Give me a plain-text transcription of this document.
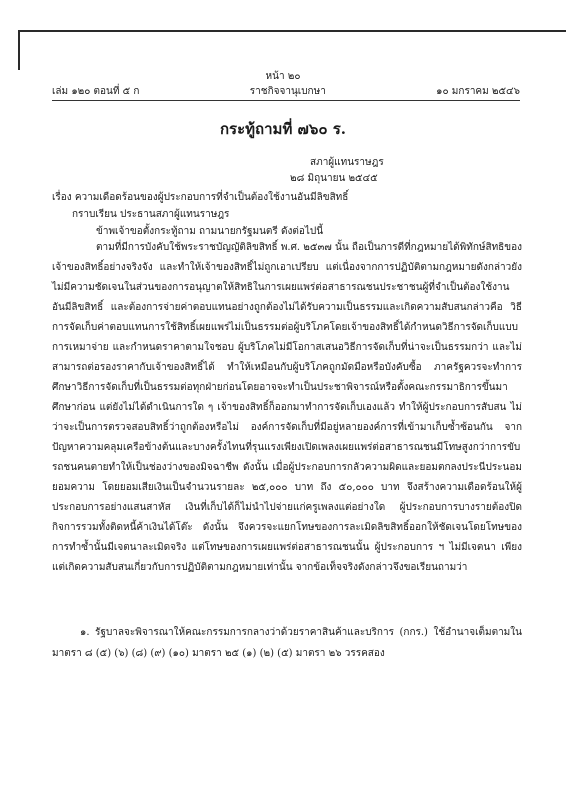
หน้า ๒๐
เล่ม ๑๒๐ ตอนที่ ๕ ก	ราชกิจจานุเบกษา	๑๐ มกราคม ๒๕๔๖
กระทู้ถามที่ ๗๖๐ ร.
สภาผู้แทนราษฎร
๒๘ มิถุนายน ๒๕๔๕
เรื่อง ความเดือดร้อนของผู้ประกอบการที่จำเป็นต้องใช้งานอันมีลิขสิทธิ์
กราบเรียน ประธานสภาผู้แทนราษฎร
ข้าพเจ้าขอตั้งกระทู้ถาม ถามนายกรัฐมนตรี ดังต่อไปนี้

ตามที่มีการบังคับใช้พระราชบัญญัติลิขสิทธิ์ พ.ศ. ๒๕๓๗ นั้น ถือเป็นการดีที่กฎหมายได้พิทักษ์สิทธิของเจ้าของสิทธิ์อย่างจริงจัง และทำให้เจ้าของสิทธิ์ไม่ถูกเอาเปรียบ แต่เนื่องจากการปฏิบัติตามกฎหมายดังกล่าวยังไม่มีความชัดเจนในส่วนของการอนุญาตให้สิทธิในการเผยแพร่ต่อสาธารณชนประชาชนผู้ที่จำเป็นต้องใช้งานอันมีลิขสิทธิ์ และต้องการจ่ายค่าตอบแทนอย่างถูกต้องไม่ได้รับความเป็นธรรมและเกิดความสับสนกล่าวคือ วิธีการจัดเก็บค่าตอบแทนการใช้สิทธิ์เผยแพร่ไม่เป็นธรรมต่อผู้บริโภคโดยเจ้าของสิทธิ์ได้กำหนดวิธีการจัดเก็บแบบการเหมาจ่าย และกำหนดราคาตามใจชอบ ผู้บริโภคไม่มีโอกาสเสนอวิธีการจัดเก็บที่น่าจะเป็นธรรมกว่า และไม่สามารถต่อรองราคากับเจ้าของสิทธิ์ได้ ทำให้เหมือนกับผู้บริโภคถูกมัดมือหรือบังคับซื้อ ภาครัฐควรจะทำการศึกษาวิธีการจัดเก็บที่เป็นธรรมต่อทุกฝ่ายก่อนโดยอาจจะทำเป็นประชาพิจารณ์หรือตั้งคณะกรรมาธิการขึ้นมาศึกษาก่อน แต่ยังไม่ได้ดำเนินการใด ๆ เจ้าของสิทธิ์ก็ออกมาทำการจัดเก็บเองแล้ว ทำให้ผู้ประกอบการสับสน ไม่ว่าจะเป็นการตรวจสอบสิทธิ์ว่าถูกต้องหรือไม่ องค์การจัดเก็บที่มีอยู่หลายองค์การที่เข้ามาเก็บซ้ำซ้อนกัน จากปัญหาความคลุมเครือข้างต้นและบางครั้งไทนที่รุนแรงเพียงเปิดเพลงเผยแพร่ต่อสาธารณชนมีโทษสูงกว่าการขับรถชนคนตายทำให้เป็นช่องว่างของมิจฉาชีพ ดังนั้น เมื่อผู้ประกอบการกลัวความผิดและยอมตกลงประนีประนอมยอมความ โดยยอมเสียเงินเป็นจำนวนรายละ ๒๕,๐๐๐ บาท ถึง ๕๐,๐๐๐ บาท จึงสร้างความเดือดร้อนให้ผู้ประกอบการอย่างแสนสาหัส เงินที่เก็บได้ก็ไม่นำไปจ่ายแก่ครูเพลงแต่อย่างใด ผู้ประกอบการบางรายต้องปิดกิจการรวมทั้งติดหนี้ค้าเงินได้โต๊ะ ดังนั้น จึงควรจะแยกโทษของการละเมิดลิขสิทธิ์ออกให้ชัดเจนโดยโทษของการทำซ้ำนั้นมีเจตนาละเมิดจริง แต่โทษของการเผยแพร่ต่อสาธารณชนนั้น ผู้ประกอบการ ฯ ไม่มีเจตนา เพียงแต่เกิดความสับสนเกี่ยวกับการปฏิบัติตามกฎหมายเท่านั้น จากข้อเท็จจริงดังกล่าวจึงขอเรียนถามว่า

๑. รัฐบาลจะพิจารณาให้คณะกรรมการกลางว่าด้วยราคาสินค้าและบริการ (กกร.) ใช้อำนาจเต็มตามในมาตรา ๘ (๕) (๖) (๘) (๙) (๑๐) มาตรา ๒๕ (๑) (๒) (๕) มาตรา ๒๖ วรรคสอง
